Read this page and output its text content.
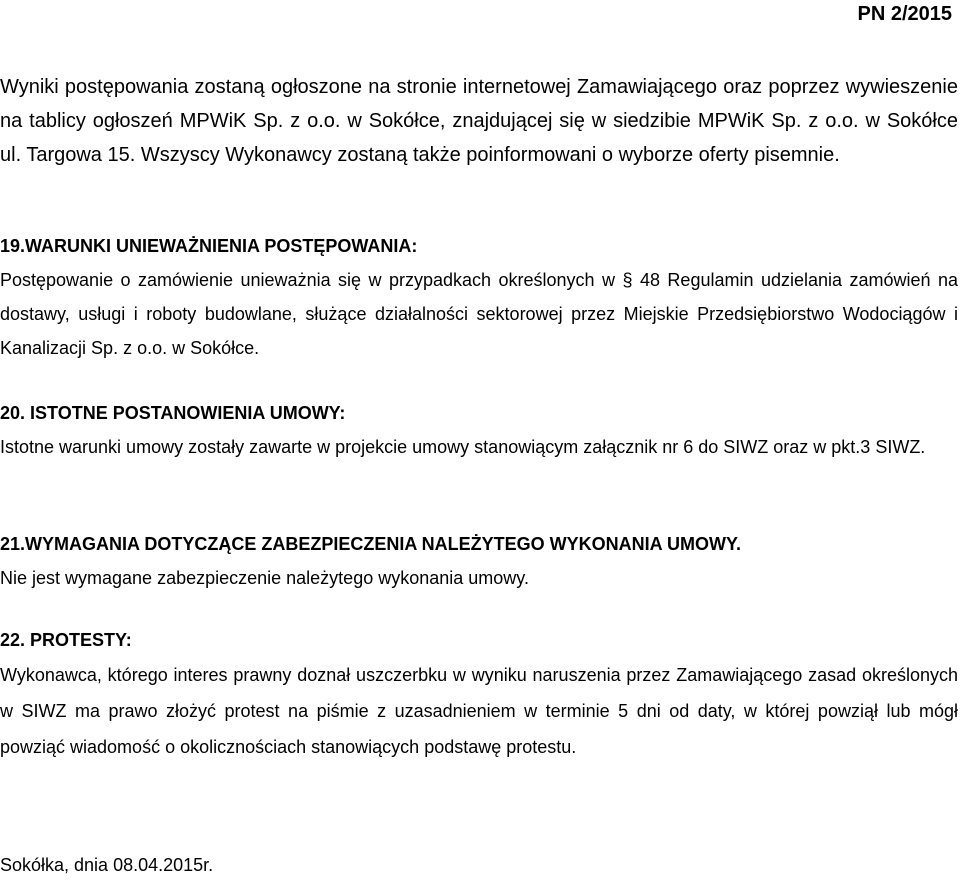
PN 2/2015

Wyniki postępowania zostaną ogłoszone na stronie internetowej Zamawiającego oraz poprzez wywieszenie na tablicy ogłoszeń MPWiK Sp. z o.o. w Sokółce, znajdującej się w siedzibie MPWiK Sp. z o.o. w Sokółce ul. Targowa 15. Wszyscy Wykonawcy zostaną także poinformowani o wyborze oferty pisemnie.

19.WARUNKI UNIEWAŻNIENIA POSTĘPOWANIA:

Postępowanie o zamówienie unieważnia się w przypadkach określonych w § 48 Regulamin udzielania zamówień na dostawy, usługi i roboty budowlane, służące działalności sektorowej przez Miejskie Przedsiębiorstwo Wodociągów i Kanalizacji Sp. z o.o. w Sokółce.

20. ISTOTNE POSTANOWIENIA UMOWY:

Istotne warunki umowy zostały zawarte w projekcie umowy stanowiącym załącznik nr 6 do SIWZ oraz w pkt.3 SIWZ.

21.WYMAGANIA DOTYCZĄCE ZABEZPIECZENIA NALEŻYTEGO WYKONANIA UMOWY.

Nie jest wymagane zabezpieczenie należytego wykonania umowy.

22. PROTESTY:

Wykonawca, którego interes prawny doznał uszczerbku w wyniku naruszenia przez Zamawiającego zasad określonych w SIWZ ma prawo złożyć protest na piśmie z uzasadnieniem w terminie 5 dni od daty, w której powziął lub mógł powziąć wiadomość o okolicznościach stanowiących podstawę protestu.

Sokółka, dnia 08.04.2015r.
